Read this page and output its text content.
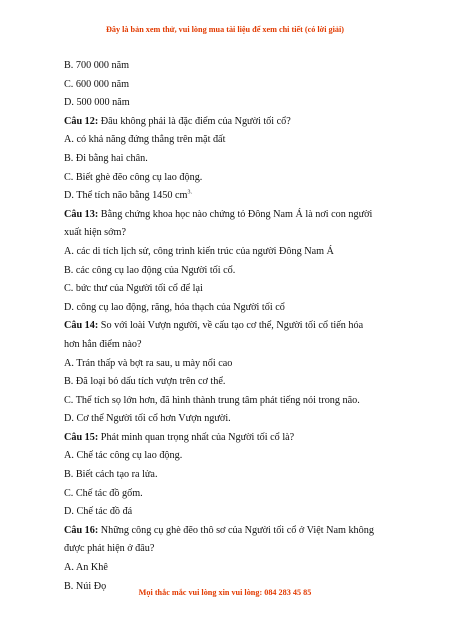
Đây là bản xem thử, vui lòng mua tài liệu để xem chi tiết (có lời giải)
B. 700 000 năm
C. 600 000 năm
D. 500 000 năm
Câu 12: Đâu không phải là đặc điểm của Người tối cổ?
A. có khả năng đứng thẳng trên mặt đất
B. Đi bằng hai chân.
C. Biết ghè đẽo công cụ lao động.
D. Thể tích não bằng 1450 $cm^{3.}$
Câu 13: Bằng chứng khoa học nào chứng tỏ Đông Nam Á là nơi con người
xuất hiện sớm?
A. các di tích lịch sử, công trình kiến trúc của người Đông Nam Á
B. các công cụ lao động của Người tối cổ.
C. bức thư của Người tối cổ để lại
D. công cụ lao động, răng, hóa thạch của Người tối cổ
Câu 14: So với loài Vượn người, về cấu tạo cơ thể, Người tối cổ tiến hóa
hơn hẳn điểm nào?
A. Trán thấp và bợt ra sau, u mày nổi cao
B. Đã loại bỏ dấu tích vượn trên cơ thể.
C. Thể tích sọ lớn hơn, đã hình thành trung tâm phát tiếng nói trong não.
D. Cơ thể Người tối cổ hơn Vượn người.
Câu 15: Phát minh quan trọng nhất của Người tối cổ là?
A. Chế tác công cụ lao động.
B. Biết cách tạo ra lửa.
C. Chế tác đồ gốm.
D. Chế tác đồ đá
Câu 16: Những công cụ ghè đẽo thô sơ của Người tối cổ ở Việt Nam không
được phát hiện ở đâu?
A. An Khê
B. Núi Đọ
Mọi thắc mắc vui lòng xin vui lòng: 084 283 45 85
